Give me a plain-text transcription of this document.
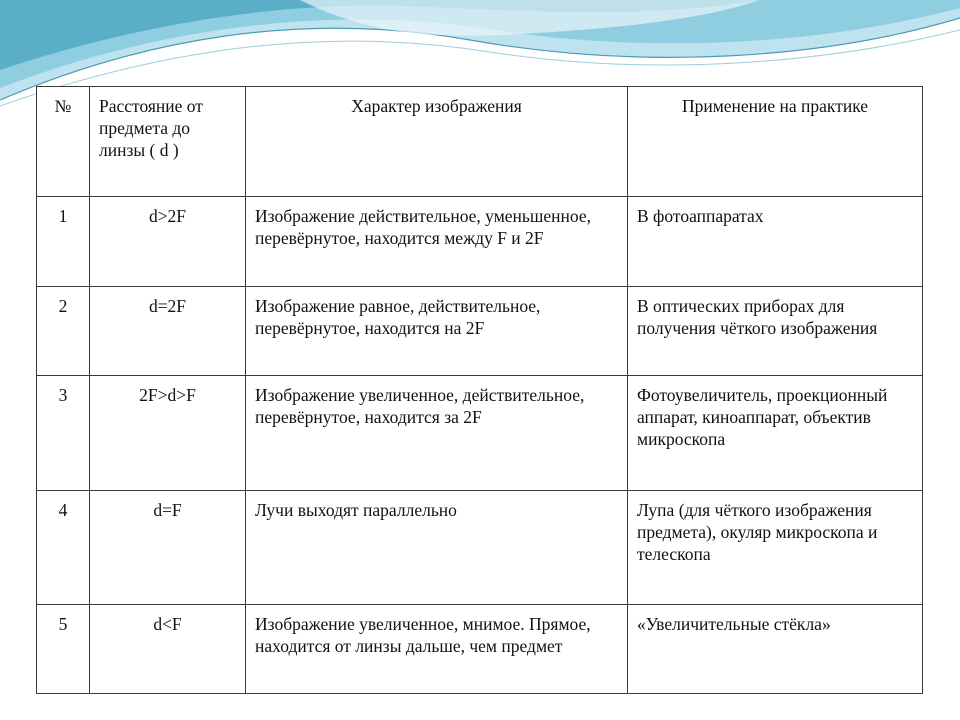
№	Расстояние от предмета до линзы ( d )	Характер изображения	Применение на практике
1	d>2F	Изображение действительное, уменьшенное, перевёрнутое, находится между F и 2F	В фотоаппаратах
2	d=2F	Изображение равное, действительное, перевёрнутое, находится на 2F	В оптических приборах для получения чёткого изображения
3	2F>d>F	Изображение увеличенное, действительное, перевёрнутое, находится за 2F	Фотоувеличитель, проекционный аппарат, киноаппарат, объектив микроскопа
4	d=F	Лучи выходят параллельно	Лупа (для чёткого изображения предмета), окуляр микроскопа и телескопа
5	d<F	Изображение увеличенное, мнимое. Прямое, находится от линзы дальше, чем предмет	«Увеличительные стёкла»
